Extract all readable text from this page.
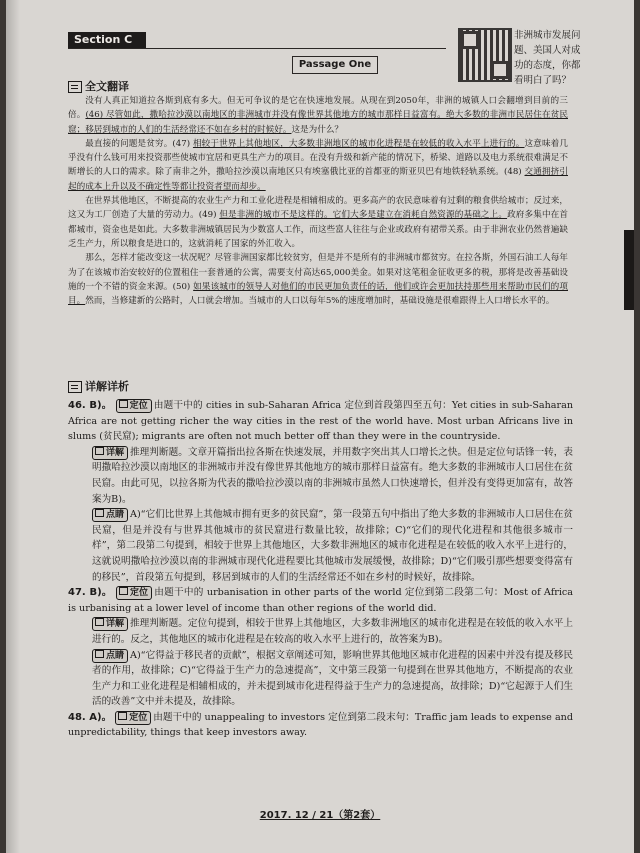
Section C
Passage One
非洲城市发展问
题、美国人对成
功的态度，你都
看明白了吗？
全文翻译

没有人真正知道拉各斯到底有多大。但无可争议的是它在快速地发展。从现在到2050年，非洲的城镇人口会翻增到目前的三倍。(46) 尽管如此，撒哈拉沙漠以南地区的非洲城市并没有像世界其他地方的城市那样日益富有。绝大多数的非洲市民居住在贫民窟；移居到城市的人们的生活经常还不如在乡村的时候好。这是为什么？

最直接的问题是贫穷。(47) 相较于世界上其他地区，大多数非洲地区的城市化进程是在较低的收入水平上进行的。这意味着几乎没有什么钱可用来投资那些使城市宜居和更具生产力的项目。在没有升级和新产能的情况下，桥梁、道路以及电力系统很难满足不断增长的人口的需求。除了南非之外，撒哈拉沙漠以南地区只有埃塞俄比亚的首都亚的斯亚贝巴有地铁轻轨系统。(48) 交通拥挤引起的成本上升以及不确定性等都让投资者望而却步。

在世界其他地区，不断提高的农业生产力和工业化进程是相辅相成的。更多高产的农民意味着有过剩的粮食供给城市；反过来，这又为工厂创造了大量的劳动力。(49) 但是非洲的城市不是这样的。它们大多是建立在消耗自然资源的基础之上。政府多集中在首都城市，资金也是如此。大多数非洲城镇居民为少数富人工作，而这些富人往往与企业或政府有裙带关系。由于非洲农业仍然普遍缺乏生产力，所以粮食是进口的，这就消耗了国家的外汇收入。

那么，怎样才能改变这一状况呢？尽管非洲国家都比较贫穷，但是并不是所有的非洲城市都贫穷。在拉各斯，外国石油工人每年为了在该城市治安较好的位置租住一套普通的公寓，需要支付高达65,000美金。如果对这笔租金征收更多的税，那将是改善基础设施的一个不错的资金来源。(50) 如果该城市的领导人对他们的市民更加负责任的话，他们或许会更加扶持那些用来帮助市民们的项目。然而，当修建新的公路时，人口就会增加。当城市的人口以每年5%的速度增加时，基础设施是很难跟得上人口增长水平的。

详解详析
46. B)。 定位 由题干中的 cities in sub-Saharan Africa 定位到首段第四至五句：Yet cities in sub-Saharan Africa are not getting richer the way cities in the rest of the world have. Most urban Africans live in slums (贫民窟); migrants are often not much better off than they were in the countryside.
详解 推理判断题。文章开篇指出拉各斯在快速发展，并用数字突出其人口增长之快。但是定位句话锋一转，表明撒哈拉沙漠以南地区的非洲城市并没有像世界其他地方的城市那样日益富有。绝大多数的非洲城市人口居住在贫民窟。由此可见，以拉各斯为代表的撒哈拉沙漠以南的非洲城市虽然人口快速增长，但并没有变得更加富有，故答案为B)。
点睛 A)“它们比世界上其他城市拥有更多的贫民窟”，第一段第五句中指出了绝大多数的非洲城市人口居住在贫民窟，但是并没有与世界其他城市的贫民窟进行数量比较，故排除；C)“它们的现代化进程和其他很多城市一样”，第二段第二句提到，相较于世界上其他地区，大多数非洲地区的城市化进程是在较低的收入水平上进行的，这就说明撒哈拉沙漠以南的非洲城市现代化进程要比其他城市发展缓慢，故排除；D)“它们吸引那些想要变得富有的移民”，首段第五句提到，移居到城市的人们的生活经常还不如在乡村的时候好，故排除。
47. B)。 定位 由题干中的 urbanisation in other parts of the world 定位到第二段第二句：Most of Africa is urbanising at a lower level of income than other regions of the world did.
详解 推理判断题。定位句提到，相较于世界上其他地区，大多数非洲地区的城市化进程是在较低的收入水平上进行的。反之，其他地区的城市化进程是在较高的收入水平上进行的，故答案为B)。
点睛 A)“它得益于移民者的贡献”，根据文章阐述可知，影响世界其他地区城市化进程的因素中并没有提及移民者的作用，故排除；C)“它得益于生产力的急速提高”，文中第三段第一句提到在世界其他地方，不断提高的农业生产力和工业化进程是相辅相成的，并未提到城市化进程得益于生产力的急速提高，故排除；D)“它起源于人们生活的改善”文中并未提及，故排除。
48. A)。 定位 由题干中的 unappealing to investors 定位到第二段末句：Traffic jam leads to expense and unpredictability, things that keep investors away.
2017. 12 / 21（第2套）
